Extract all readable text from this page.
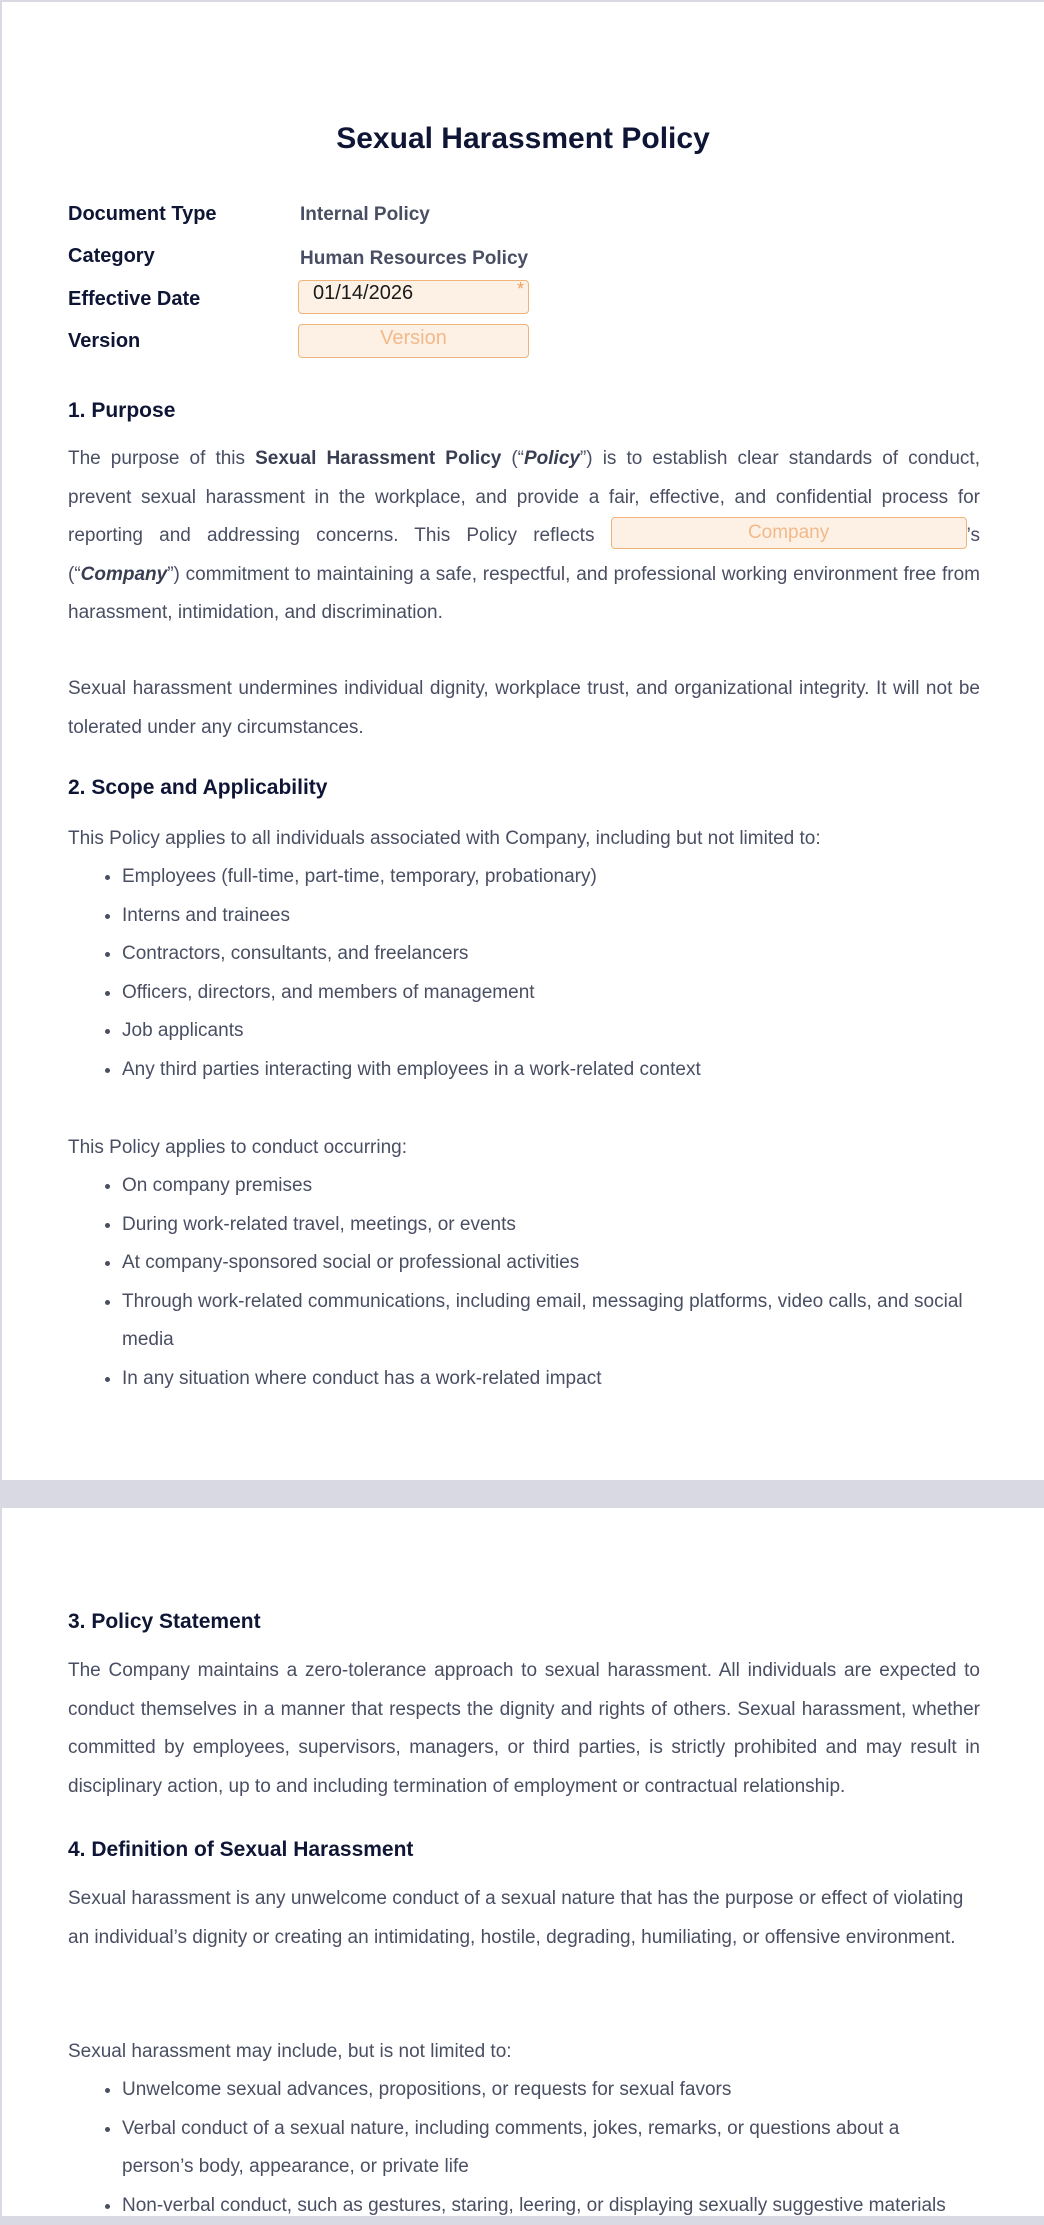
Sexual Harassment Policy
Document Type	Internal Policy
Category	Human Resources Policy
Effective Date	01/14/2026	*
Version	Version
1. Purpose

The purpose of this Sexual Harassment Policy (“Policy”) is to establish clear standards of conduct, prevent sexual harassment in the workplace, and provide a fair, effective, and confidential process for reporting and addressing concerns. This Policy reflects	Company	’s (“Company”) commitment to maintaining a safe, respectful, and professional working environment free from harassment, intimidation, and discrimination.

Sexual harassment undermines individual dignity, workplace trust, and organizational integrity. It will not be tolerated under any circumstances.

2. Scope and Applicability

This Policy applies to all individuals associated with Company, including but not limited to:

• Employees (full-time, part-time, temporary, probationary)
• Interns and trainees
• Contractors, consultants, and freelancers
• Officers, directors, and members of management
• Job applicants
• Any third parties interacting with employees in a work-related context

This Policy applies to conduct occurring:

• On company premises
• During work-related travel, meetings, or events
• At company-sponsored social or professional activities
• Through work-related communications, including email, messaging platforms, video calls, and social media
• In any situation where conduct has a work-related impact
3. Policy Statement

The Company maintains a zero-tolerance approach to sexual harassment. All individuals are expected to conduct themselves in a manner that respects the dignity and rights of others. Sexual harassment, whether committed by employees, supervisors, managers, or third parties, is strictly prohibited and may result in disciplinary action, up to and including termination of employment or contractual relationship.

4. Definition of Sexual Harassment

Sexual harassment is any unwelcome conduct of a sexual nature that has the purpose or effect of violating an individual’s dignity or creating an intimidating, hostile, degrading, humiliating, or offensive environment.

Sexual harassment may include, but is not limited to:

• Unwelcome sexual advances, propositions, or requests for sexual favors
• Verbal conduct of a sexual nature, including comments, jokes, remarks, or questions about a person’s body, appearance, or private life
• Non-verbal conduct, such as gestures, staring, leering, or displaying sexually suggestive materials
